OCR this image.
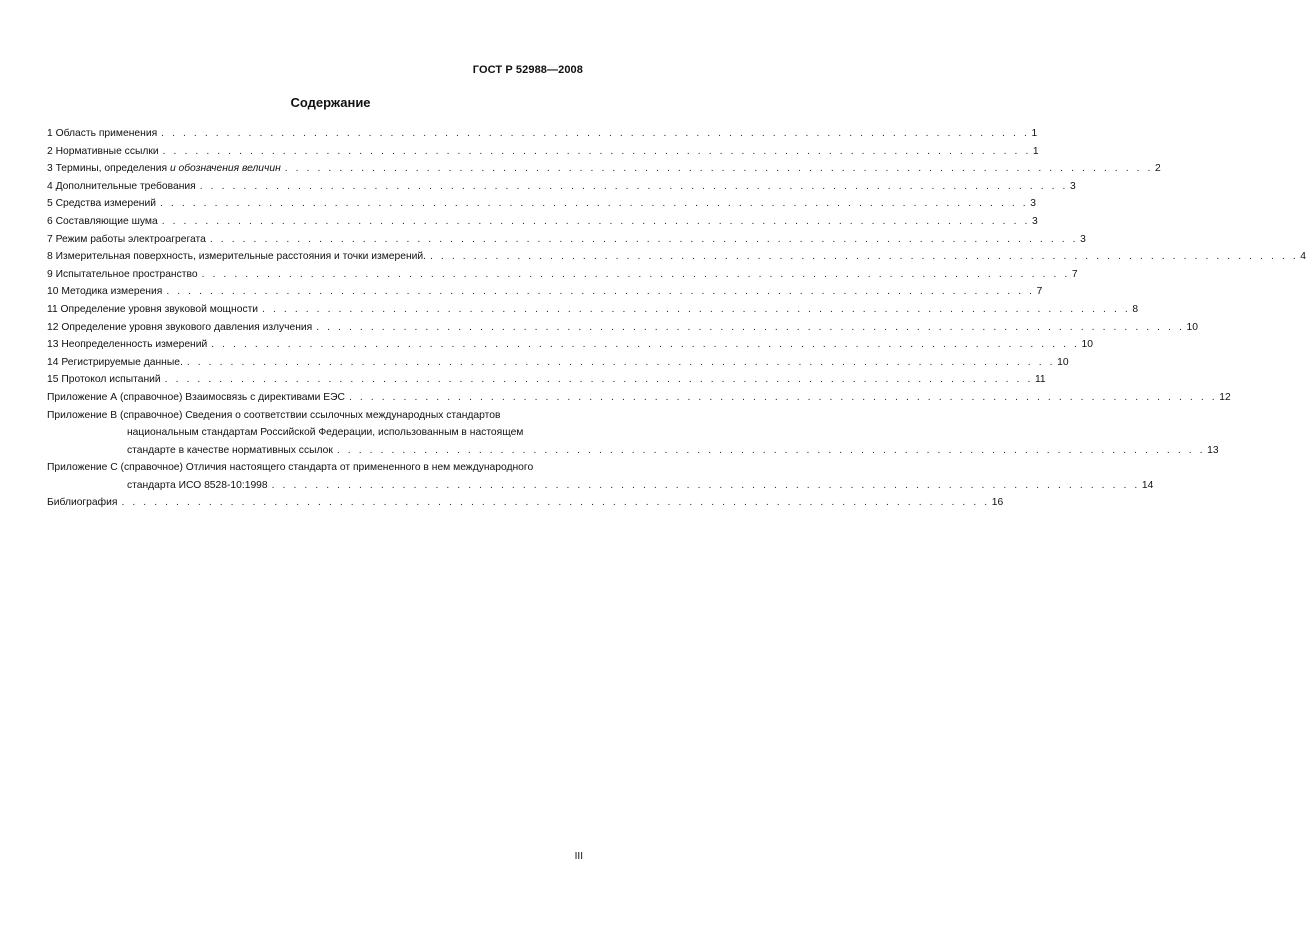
ГОСТ Р 52988—2008
Содержание
1 Область применения . . . . . . . . . . . . . . . . . . . . . . . . . . . . . . . . . . . . . . . . . . . . . . . . . . . . . . . . . . . . . . . . . . . . . . . . . . . . . . . . 1
2 Нормативные ссылки . . . . . . . . . . . . . . . . . . . . . . . . . . . . . . . . . . . . . . . . . . . . . . . . . . . . . . . . . . . . . . . . . . . . . . . . . . . . . . . . 1
3 Термины, определения и обозначения величин . . . . . . . . . . . . . . . . . . . . . . . . . . . . . . . . . . . . . . . . . . . . . . . . . . . . . . . . . . . . . . . . . . . . . . . . . . . . . . . . 2
4 Дополнительные требования . . . . . . . . . . . . . . . . . . . . . . . . . . . . . . . . . . . . . . . . . . . . . . . . . . . . . . . . . . . . . . . . . . . . . . . . . . . . . . . . 3
5 Средства измерений . . . . . . . . . . . . . . . . . . . . . . . . . . . . . . . . . . . . . . . . . . . . . . . . . . . . . . . . . . . . . . . . . . . . . . . . . . . . . . . . 3
6 Составляющие шума . . . . . . . . . . . . . . . . . . . . . . . . . . . . . . . . . . . . . . . . . . . . . . . . . . . . . . . . . . . . . . . . . . . . . . . . . . . . . . . . 3
7 Режим работы электроагрегата . . . . . . . . . . . . . . . . . . . . . . . . . . . . . . . . . . . . . . . . . . . . . . . . . . . . . . . . . . . . . . . . . . . . . . . . . . . . . . . . 3
8 Измерительная поверхность, измерительные расстояния и точки измерений. . . . . . . . . . . . . . . . . . . . . . . . . . . . . . . . . . . . . . . . . . . . . . . . . . . . . . . . . . . . . . . . . . . . . . . . . . . . . . . . . 4
9 Испытательное пространство . . . . . . . . . . . . . . . . . . . . . . . . . . . . . . . . . . . . . . . . . . . . . . . . . . . . . . . . . . . . . . . . . . . . . . . . . . . . . . . . 7
10 Методика измерения . . . . . . . . . . . . . . . . . . . . . . . . . . . . . . . . . . . . . . . . . . . . . . . . . . . . . . . . . . . . . . . . . . . . . . . . . . . . . . . . 7
11 Определение уровня звуковой мощности . . . . . . . . . . . . . . . . . . . . . . . . . . . . . . . . . . . . . . . . . . . . . . . . . . . . . . . . . . . . . . . . . . . . . . . . . . . . . . . . 8
12 Определение уровня звукового давления излучения . . . . . . . . . . . . . . . . . . . . . . . . . . . . . . . . . . . . . . . . . . . . . . . . . . . . . . . . . . . . . . . . . . . . . . . . . . . . . . . . 10
13 Неопределенность измерений . . . . . . . . . . . . . . . . . . . . . . . . . . . . . . . . . . . . . . . . . . . . . . . . . . . . . . . . . . . . . . . . . . . . . . . . . . . . . . . . 10
14 Регистрируемые данные. . . . . . . . . . . . . . . . . . . . . . . . . . . . . . . . . . . . . . . . . . . . . . . . . . . . . . . . . . . . . . . . . . . . . . . . . . . . . . . . . 10
15 Протокол испытаний . . . . . . . . . . . . . . . . . . . . . . . . . . . . . . . . . . . . . . . . . . . . . . . . . . . . . . . . . . . . . . . . . . . . . . . . . . . . . . . . 11
Приложение А (справочное) Взаимосвязь с директивами ЕЭС . . . . . . . . . . . . . . . . . . . . . . . . . . . . . . . . . . . . . . . . . . . . . . . . . . . . . . . . . . . . . . . . . . . . . . . . . . . . . . . . 12
Приложение В (справочное) Сведения о соответствии ссылочных международных стандартов
национальным стандартам Российской Федерации, использованным в настоящем
стандарте в качестве нормативных ссылок . . . . . . . . . . . . . . . . . . . . . . . . . . . . . . . . . . . . . . . . . . . . . . . . . . . . . . . . . . . . . . . . . . . . . . . . . . . . . . . . 13
Приложение С (справочное) Отличия настоящего стандарта от примененного в нем международного
стандарта ИСО 8528-10:1998 . . . . . . . . . . . . . . . . . . . . . . . . . . . . . . . . . . . . . . . . . . . . . . . . . . . . . . . . . . . . . . . . . . . . . . . . . . . . . . . . 14
Библиография . . . . . . . . . . . . . . . . . . . . . . . . . . . . . . . . . . . . . . . . . . . . . . . . . . . . . . . . . . . . . . . . . . . . . . . . . . . . . . . . 16
III
